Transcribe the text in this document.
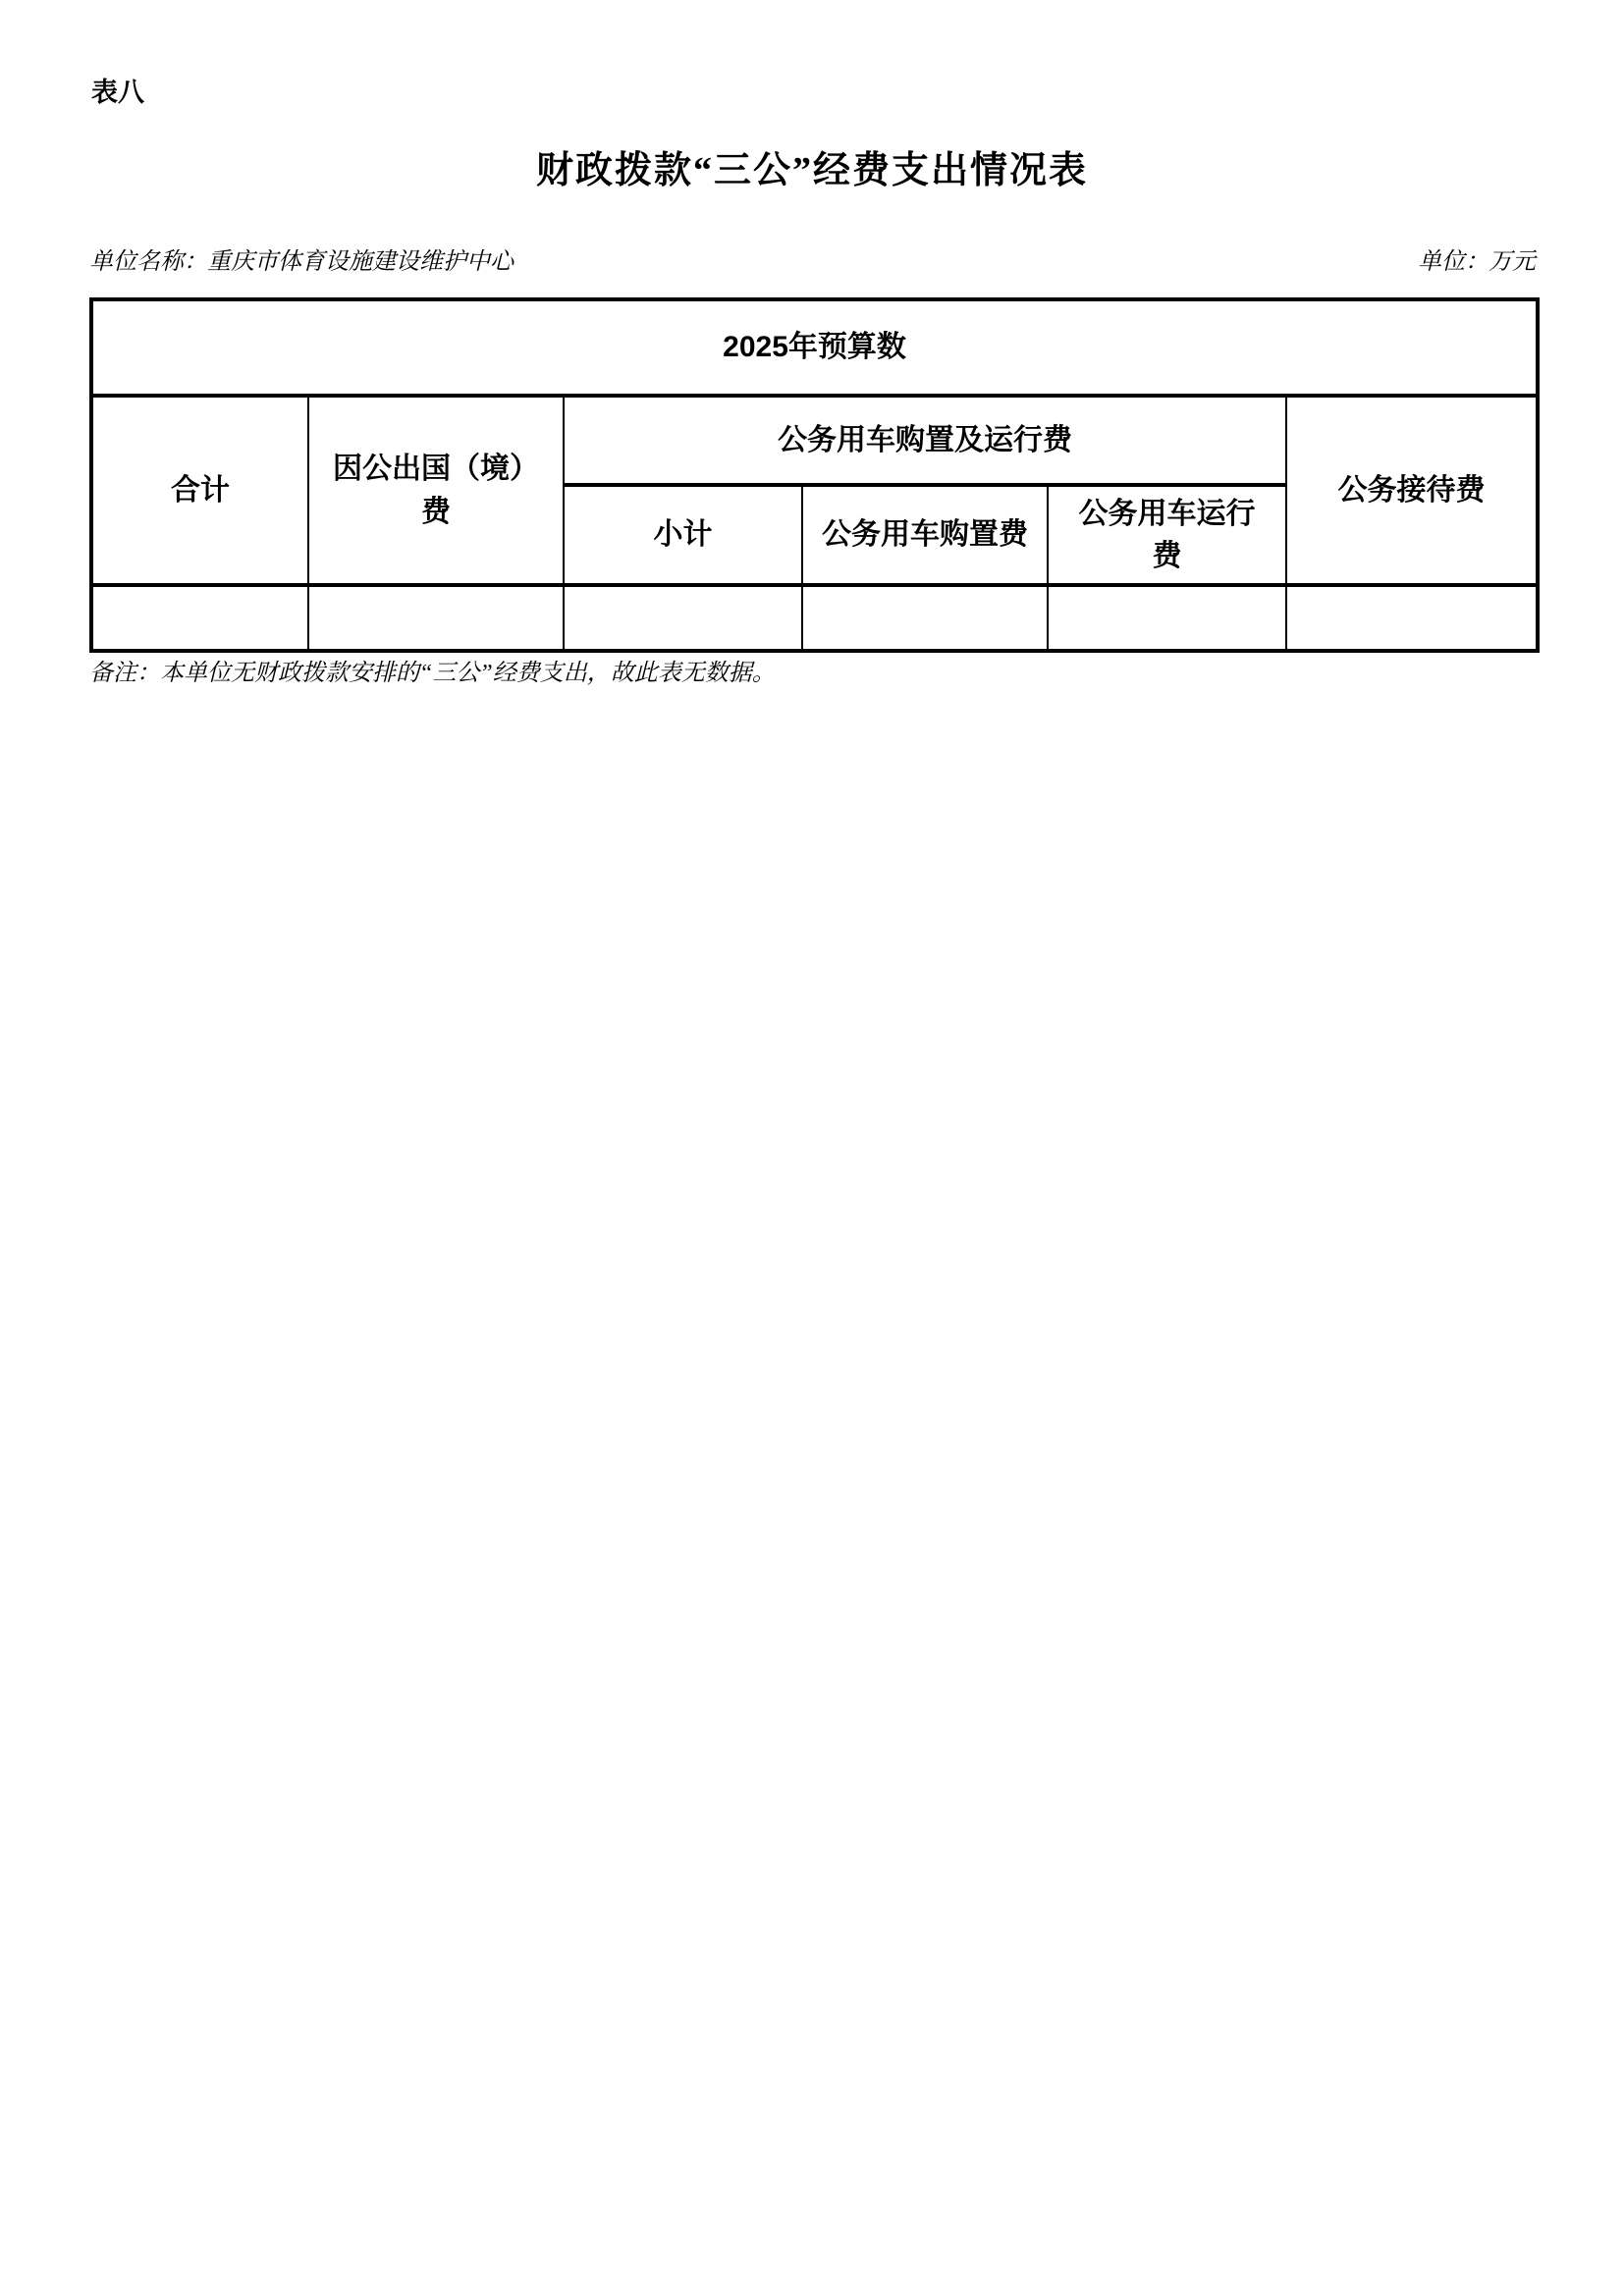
表八
财政拨款“三公”经费支出情况表
单位名称：重庆市体育设施建设维护中心	单位：万元
2025年预算数					
合计	因公出国（境）费	公务用车购置及运行费			公务接待费
		小计	公务用车购置费	公务用车运行费	

备注：本单位无财政拨款安排的“三公”经费支出，故此表无数据。
